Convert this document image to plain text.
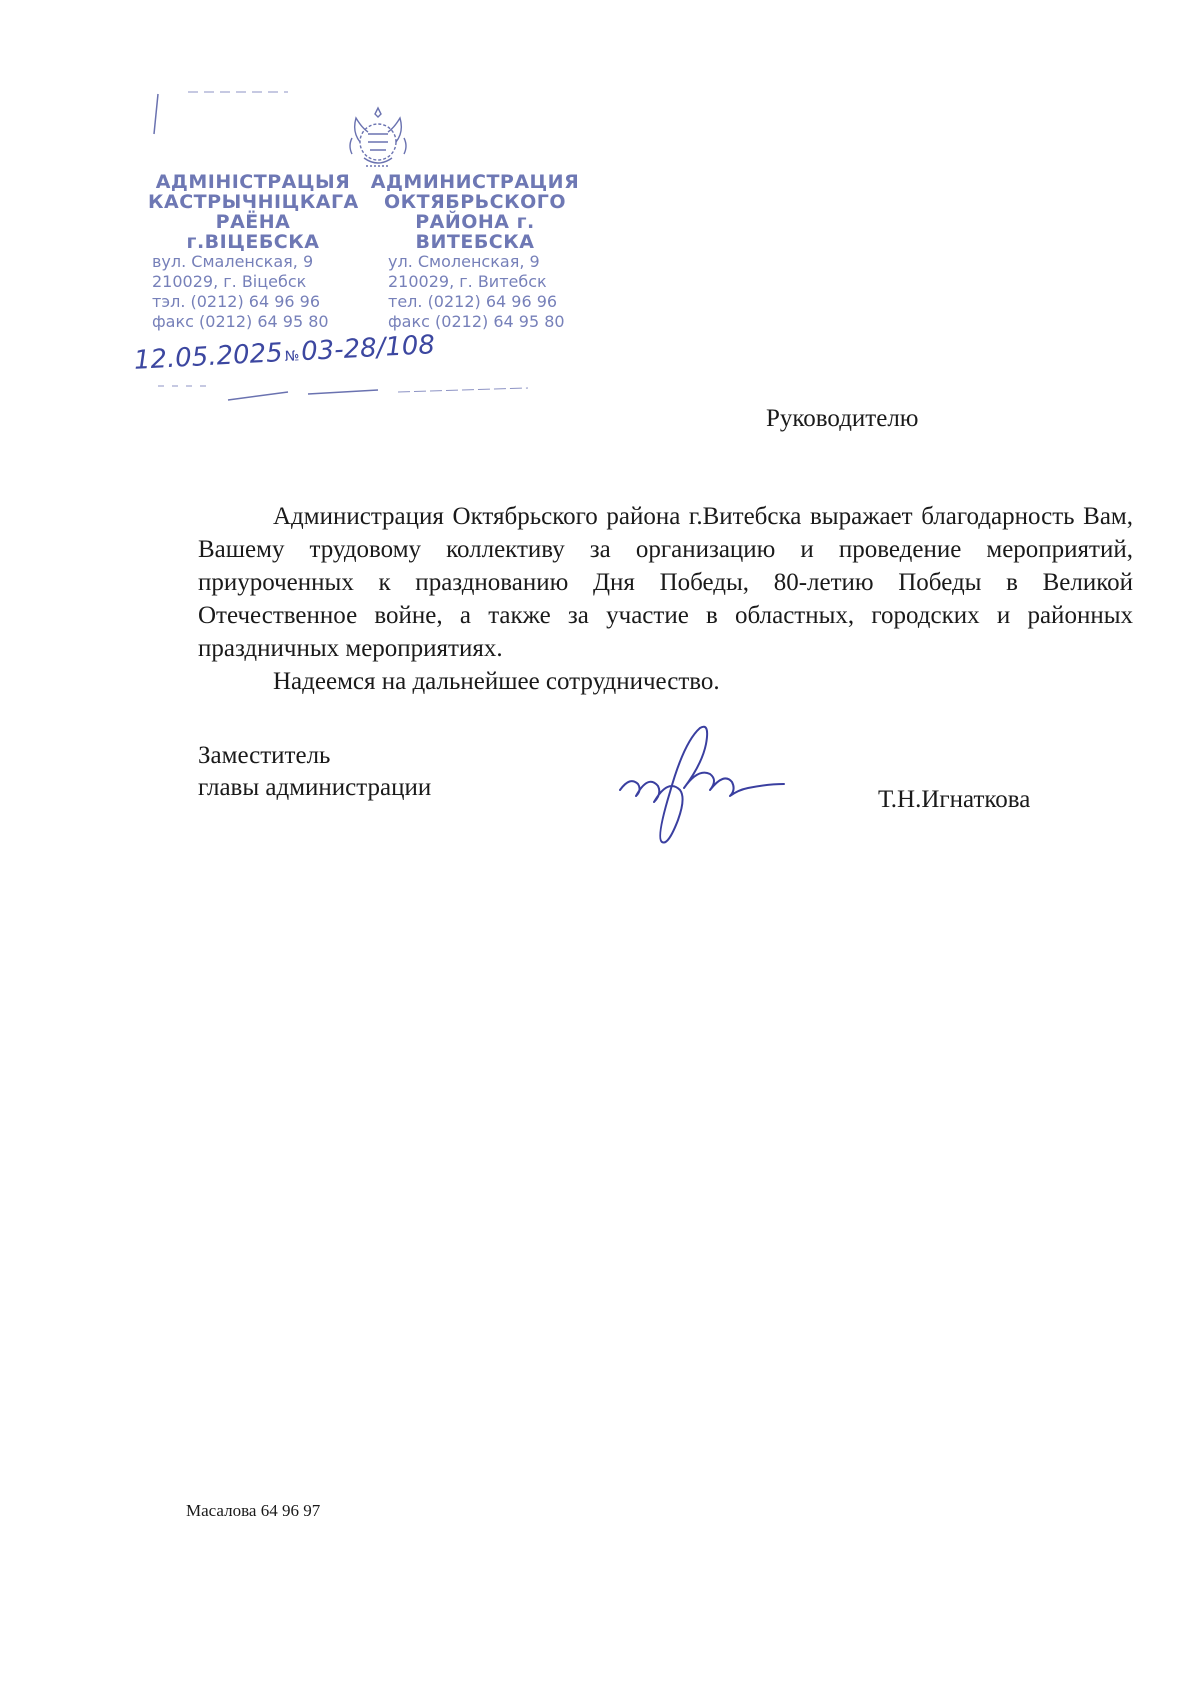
АДМІНІСТРАЦЫЯ
КАСТРЫЧНІЦКАГА
РАЁНА г.ВІЦЕБСКА
АДМИНИСТРАЦИЯ
ОКТЯБРЬСКОГО
РАЙОНА г. ВИТЕБСКА
вул. Смаленская, 9
210029, г. Віцебск
тэл. (0212) 64 96 96
факс (0212) 64 95 80
ул. Смоленская, 9
210029, г. Витебск
тел. (0212) 64 96 96
факс (0212) 64 95 80
12.05.2025№03-28/108
Руководителю

Администрация Октябрьского района г.Витебска выражает благодарность Вам, Вашему трудовому коллективу за организацию и проведение мероприятий, приуроченных к празднованию Дня Победы, 80-летию Победы в Великой Отечественное войне, а также за участие в областных, городских и районных праздничных мероприятиях.

Надеемся на дальнейшее сотрудничество.

Заместитель
главы администрации	Т.Н.Игнаткова
Масалова 64 96 97
